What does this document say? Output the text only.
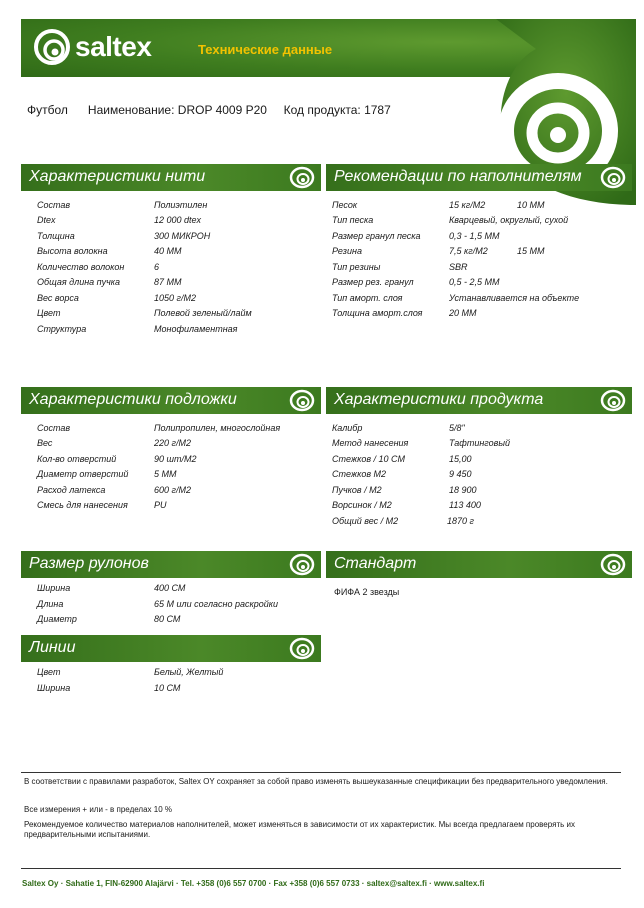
saltex	Технические данные
Футбол Наименование: DROP 4009 P20 Код продукта: 1787
Характеристики нити
Состав	Полиэтилен
Dtex	12 000 dtex
Толщина	300 МИКРОН
Высота волокна	40 ММ
Количество волокон	6
Общая длина пучка	87 ММ
Вес ворса	1050 г/М2
Цвет	Полевой зеленый/лайм
Структура	Монофиламентная
Рекомендации по наполнителям
Песок	15 кг/М2	10 ММ
Тип песка	Кварцевый, округлый, сухой
Размер гранул песка	0,3 - 1,5 ММ
Резина	7,5 кг/М2	15 ММ
Тип резины	SBR
Размер рез. гранул	0,5 - 2,5 ММ
Тип аморт. слоя	Устанавливается на объекте
Толщина аморт.слоя	20 ММ
Характеристики подложки
Состав	Полипропилен, многослойная
Вес	220 г/М2
Кол-во отверстий	90 шт/М2
Диаметр отверстий	5 ММ
Расход латекса	600 г/М2
Смесь для нанесения	PU
Характеристики продукта
Калибр	5/8"
Метод нанесения	Тафтинговый
Стежков / 10 СМ	15,00
Стежков М2	9 450
Пучков / М2	18 900
Ворсинок / М2	113 400
Общий вес / М2	1870 г
Размер рулонов
Ширина	400 СМ
Длина	65 М или согласно раскройки
Диаметр	80 СМ
Стандарт
ФИФА 2 звезды
Линии
Цвет	Белый, Желтый
Ширина	10 СМ
В соответствии с правилами разработок, Saltex OY сохраняет за собой право изменять вышеуказанные спецификации без предварительного уведомления.
Все измерения + или - в пределах 10 %
Рекомендуемое количество материалов наполнителей, может изменяться в зависимости от их характеристик. Мы всегда предлагаем проверять их предварительными испытаниями.
Saltex Oy · Sahatie 1, FIN-62900 Alajärvi · Tel. +358 (0)6 557 0700 · Fax +358 (0)6 557 0733 · saltex@saltex.fi · www.saltex.fi
